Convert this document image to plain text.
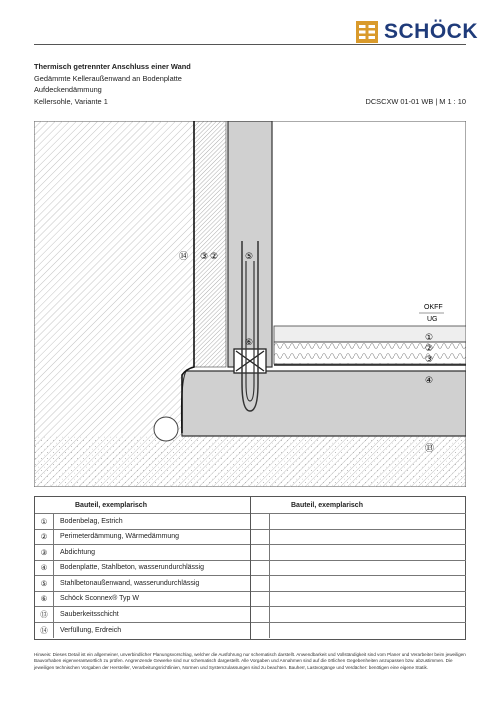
SCHÖCK
Thermisch getrennter Anschluss einer Wand
Gedämmte Kelleraußenwand an Bodenplatte
Aufdeckendämmung
Kellersohle, Variante 1	DCSCXW 01-01 WB | M 1 : 10
⑭ ③ ②	⑤
⑥
OKFF
UG
①
②
③
④
⑬
Bauteil, exemplarisch
①	Bodenbelag, Estrich
②	Perimeterdämmung, Wärmedämmung
③	Abdichtung
④	Bodenplatte, Stahlbeton, wasserundurchlässig
⑤	Stahlbetonaußenwand, wasserundurchlässig
⑥	Schöck Sconnex® Typ W
⑬	Sauberkeitsschicht
⑭	Verfüllung, Erdreich
Bauteil, exemplarisch
Hinweis: Dieses Detail ist ein allgemeiner, unverbindlicher Planungsvorschlag, welcher die Ausführung nur schematisch darstellt. Anwendbarkeit und Vollständigkeit sind vom Planer und Verarbeiter beim jeweiligen Bauvorhaben eigenverantwortlich zu prüfen. Angrenzende Gewerke sind nur schematisch dargestellt. Alle Vorgaben und Annahmen sind auf die örtlichen Gegebenheiten anzupassen bzw. abzustimmen. Die jeweiligen technischen Vorgaben der Hersteller, Verarbeitungsrichtlinien, Normen und Systemzulassungen sind zu beachten. Bauherr, Lastvorgänge und Verdächer: benötigen eine eigene Statik.
